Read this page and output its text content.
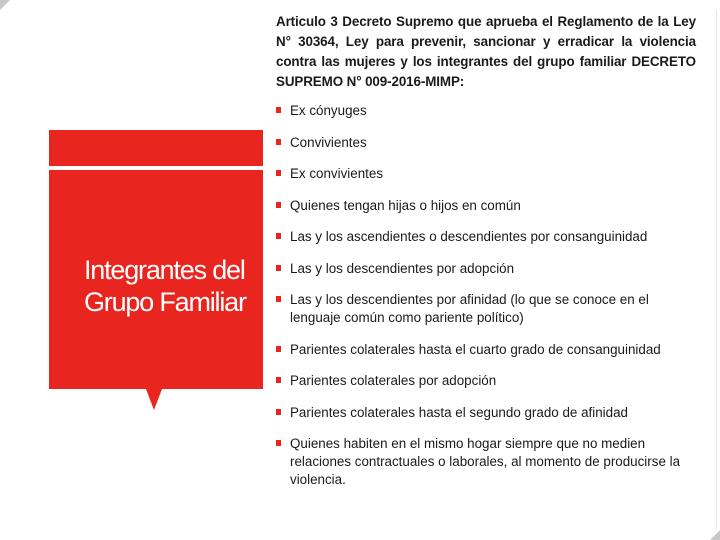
Integrantes del Grupo Familiar

Articulo 3 Decreto Supremo que aprueba el Reglamento de la Ley N° 30364, Ley para prevenir, sancionar y erradicar la violencia contra las mujeres y los integrantes del grupo familiar DECRETO SUPREMO N° 009-2016-MIMP:

Ex cónyuges
Convivientes
Ex convivientes
Quienes tengan hijas o hijos en común
Las y los ascendientes o descendientes por consanguinidad
Las y los descendientes por adopción
Las y los descendientes por afinidad (lo que se conoce en el lenguaje común como pariente político)
Parientes colaterales hasta el cuarto grado de consanguinidad
Parientes colaterales por adopción
Parientes colaterales hasta el segundo grado de afinidad
Quienes habiten en el mismo hogar siempre que no medien relaciones contractuales o laborales, al momento de producirse la violencia.
